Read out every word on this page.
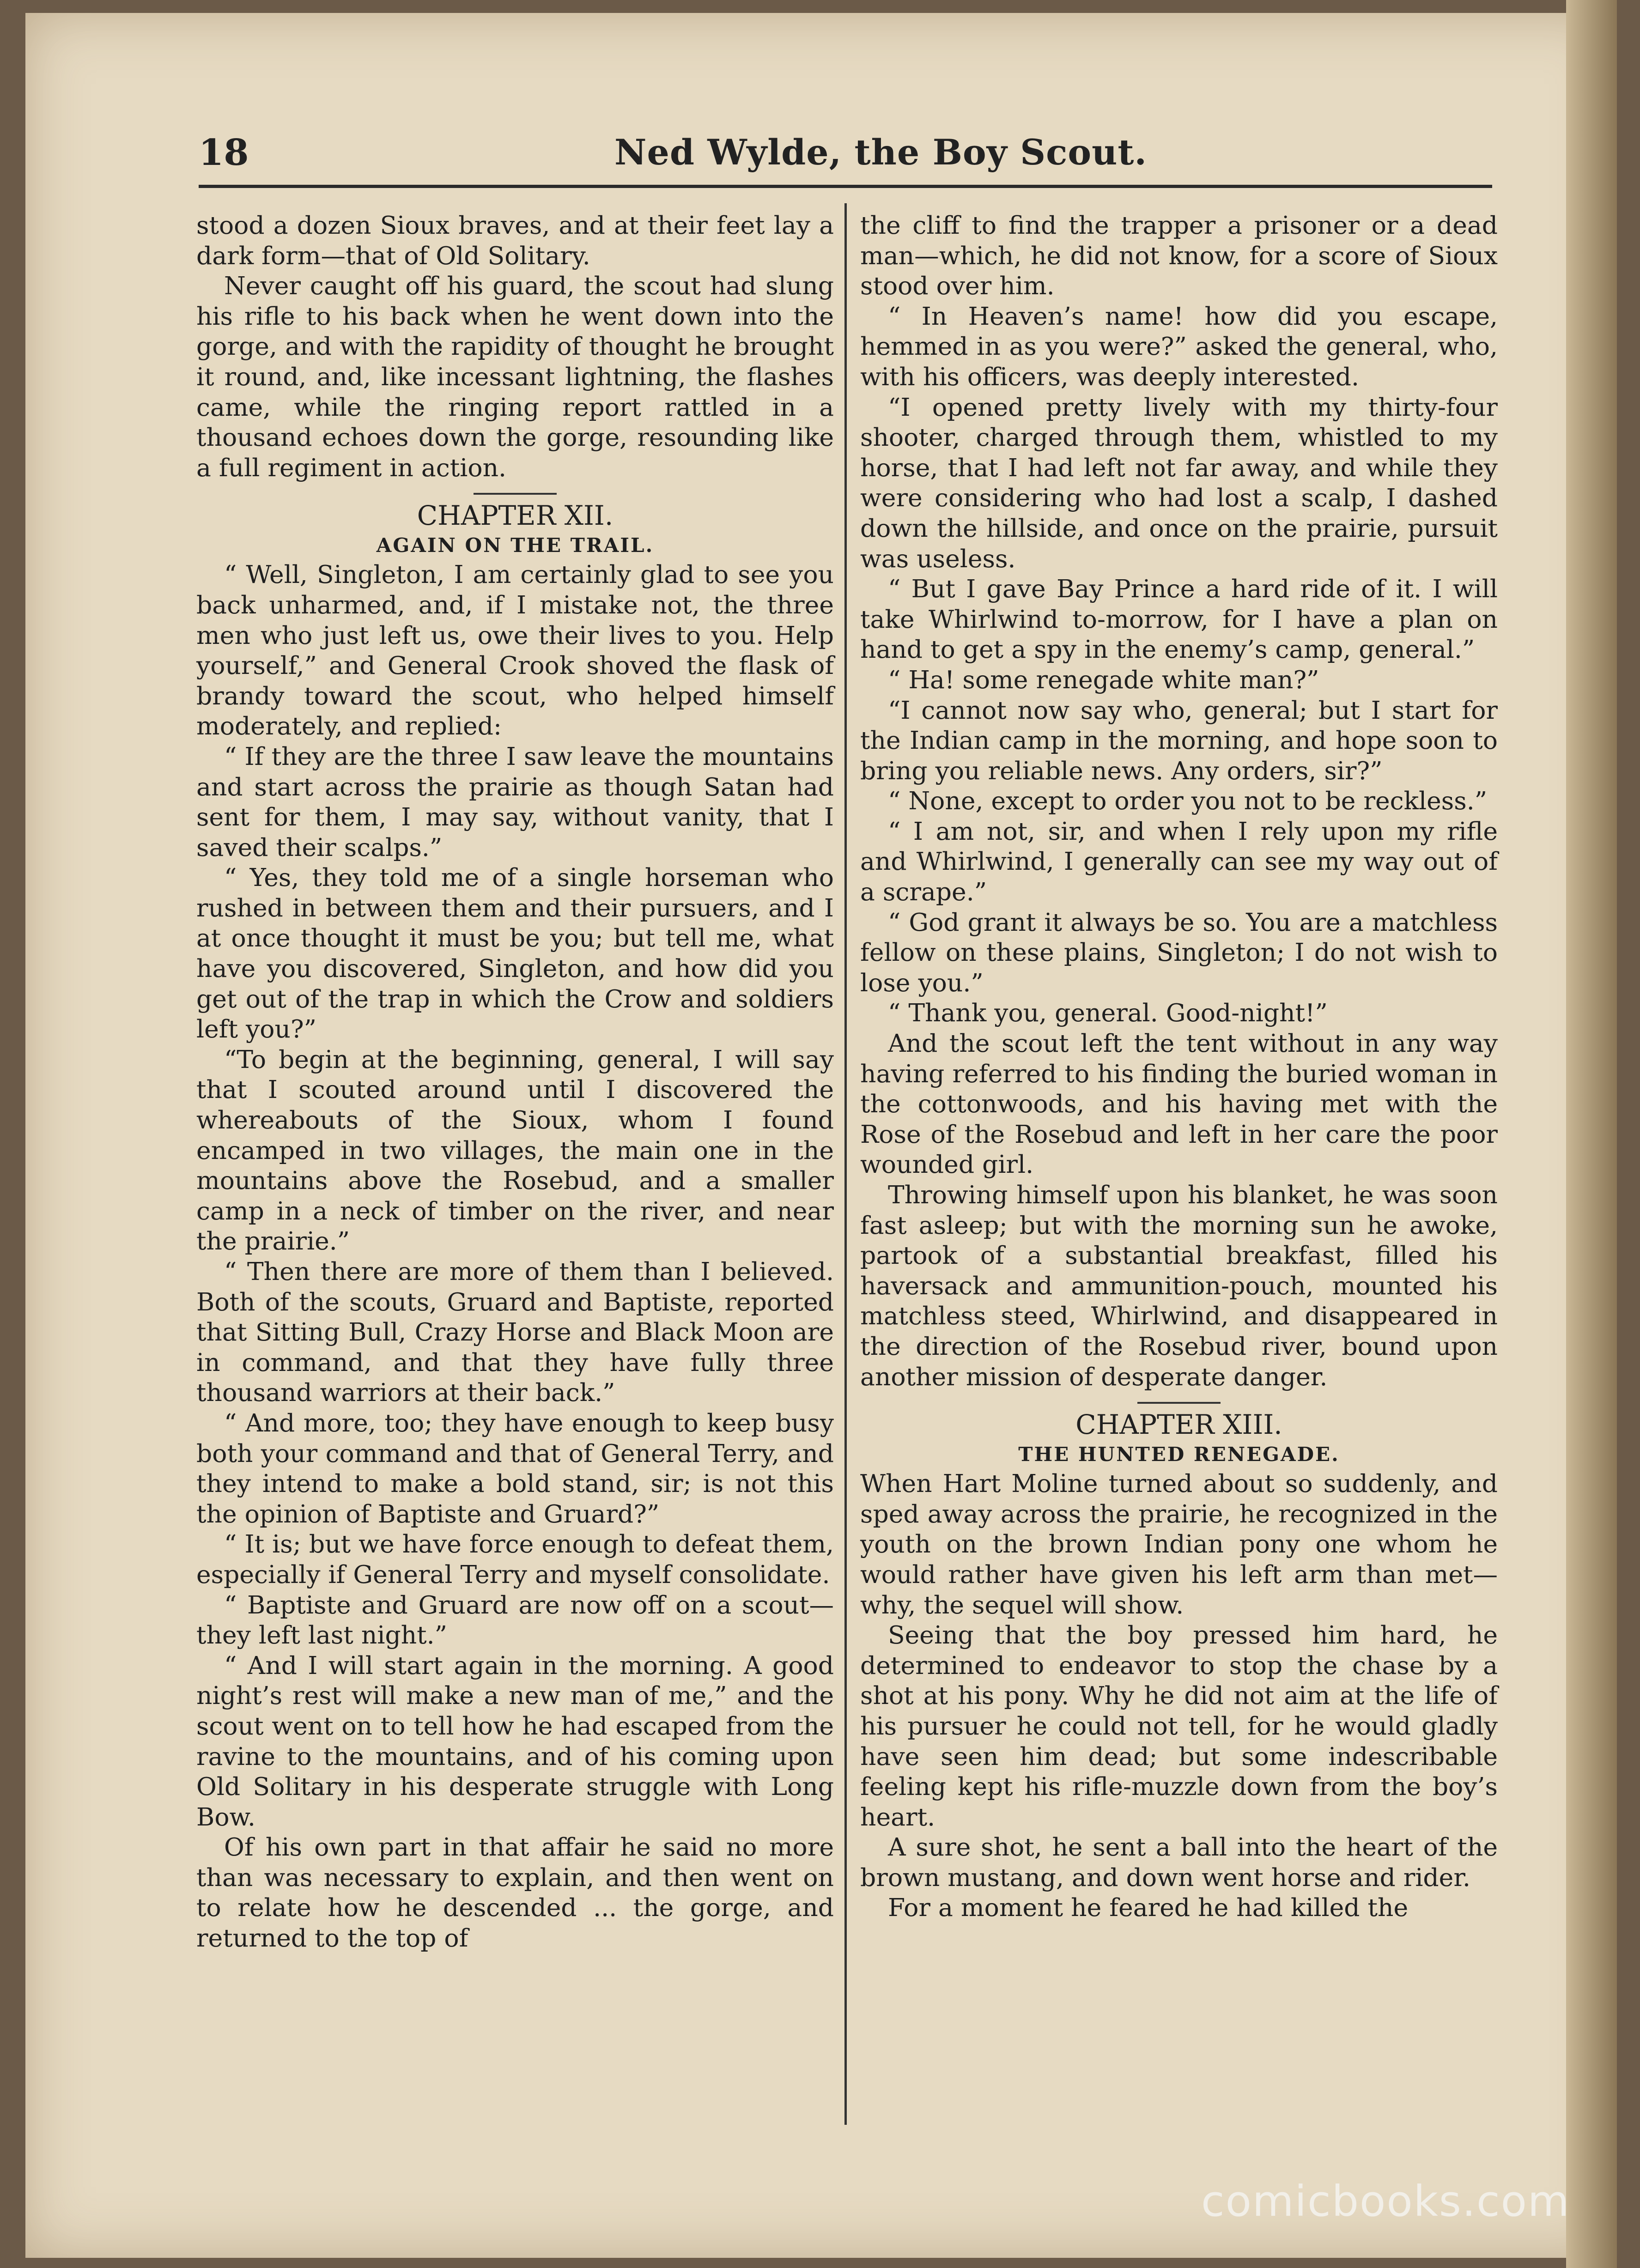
18	Ned Wylde, the Boy Scout.

stood a dozen Sioux braves, and at their feet lay a dark form—that of Old Solitary.

Never caught off his guard, the scout had slung his rifle to his back when he went down into the gorge, and with the rapidity of thought he brought it round, and, like incessant lightning, the flashes came, while the ringing report rattled in a thousand echoes down the gorge, resounding like a full regiment in action.

CHAPTER XII.
AGAIN ON THE TRAIL.

“ Well, Singleton, I am certainly glad to see you back unharmed, and, if I mistake not, the three men who just left us, owe their lives to you. Help yourself,” and General Crook shoved the flask of brandy toward the scout, who helped himself moderately, and replied:

“ If they are the three I saw leave the mountains and start across the prairie as though Satan had sent for them, I may say, without vanity, that I saved their scalps.”

“ Yes, they told me of a single horseman who rushed in between them and their pursuers, and I at once thought it must be you; but tell me, what have you discovered, Singleton, and how did you get out of the trap in which the Crow and soldiers left you?”

“To begin at the beginning, general, I will say that I scouted around until I discovered the whereabouts of the Sioux, whom I found encamped in two villages, the main one in the mountains above the Rosebud, and a smaller camp in a neck of timber on the river, and near the prairie.”

“ Then there are more of them than I believed. Both of the scouts, Gruard and Baptiste, reported that Sitting Bull, Crazy Horse and Black Moon are in command, and that they have fully three thousand warriors at their back.”

“ And more, too; they have enough to keep busy both your command and that of General Terry, and they intend to make a bold stand, sir; is not this the opinion of Baptiste and Gruard?”

“ It is; but we have force enough to defeat them, especially if General Terry and myself consolidate.

“ Baptiste and Gruard are now off on a scout—they left last night.”

“ And I will start again in the morning. A good night’s rest will make a new man of me,” and the scout went on to tell how he had escaped from the ravine to the mountains, and of his coming upon Old Solitary in his desperate struggle with Long Bow.

Of his own part in that affair he said no more than was necessary to explain, and then went on to relate how he descended ... the gorge, and returned to the top of

the cliff to find the trapper a prisoner or a dead man—which, he did not know, for a score of Sioux stood over him.

“ In Heaven’s name! how did you escape, hemmed in as you were?” asked the general, who, with his officers, was deeply interested.

“I opened pretty lively with my thirty-four shooter, charged through them, whistled to my horse, that I had left not far away, and while they were considering who had lost a scalp, I dashed down the hillside, and once on the prairie, pursuit was useless.

“ But I gave Bay Prince a hard ride of it. I will take Whirlwind to-morrow, for I have a plan on hand to get a spy in the enemy’s camp, general.”

“ Ha! some renegade white man?”

“I cannot now say who, general; but I start for the Indian camp in the morning, and hope soon to bring you reliable news. Any orders, sir?”

“ None, except to order you not to be reckless.”

“ I am not, sir, and when I rely upon my rifle and Whirlwind, I generally can see my way out of a scrape.”

“ God grant it always be so. You are a matchless fellow on these plains, Singleton; I do not wish to lose you.”

“ Thank you, general. Good-night!”

And the scout left the tent without in any way having referred to his finding the buried woman in the cottonwoods, and his having met with the Rose of the Rosebud and left in her care the poor wounded girl.

Throwing himself upon his blanket, he was soon fast asleep; but with the morning sun he awoke, partook of a substantial breakfast, filled his haversack and ammunition-pouch, mounted his matchless steed, Whirlwind, and disappeared in the direction of the Rosebud river, bound upon another mission of desperate danger.

CHAPTER XIII.
THE HUNTED RENEGADE.

When Hart Moline turned about so suddenly, and sped away across the prairie, he recognized in the youth on the brown Indian pony one whom he would rather have given his left arm than met—why, the sequel will show.

Seeing that the boy pressed him hard, he determined to endeavor to stop the chase by a shot at his pony. Why he did not aim at the life of his pursuer he could not tell, for he would gladly have seen him dead; but some indescribable feeling kept his rifle-muzzle down from the boy’s heart.

A sure shot, he sent a ball into the heart of the brown mustang, and down went horse and rider.

For a moment he feared he had killed the

comicbooks.com
